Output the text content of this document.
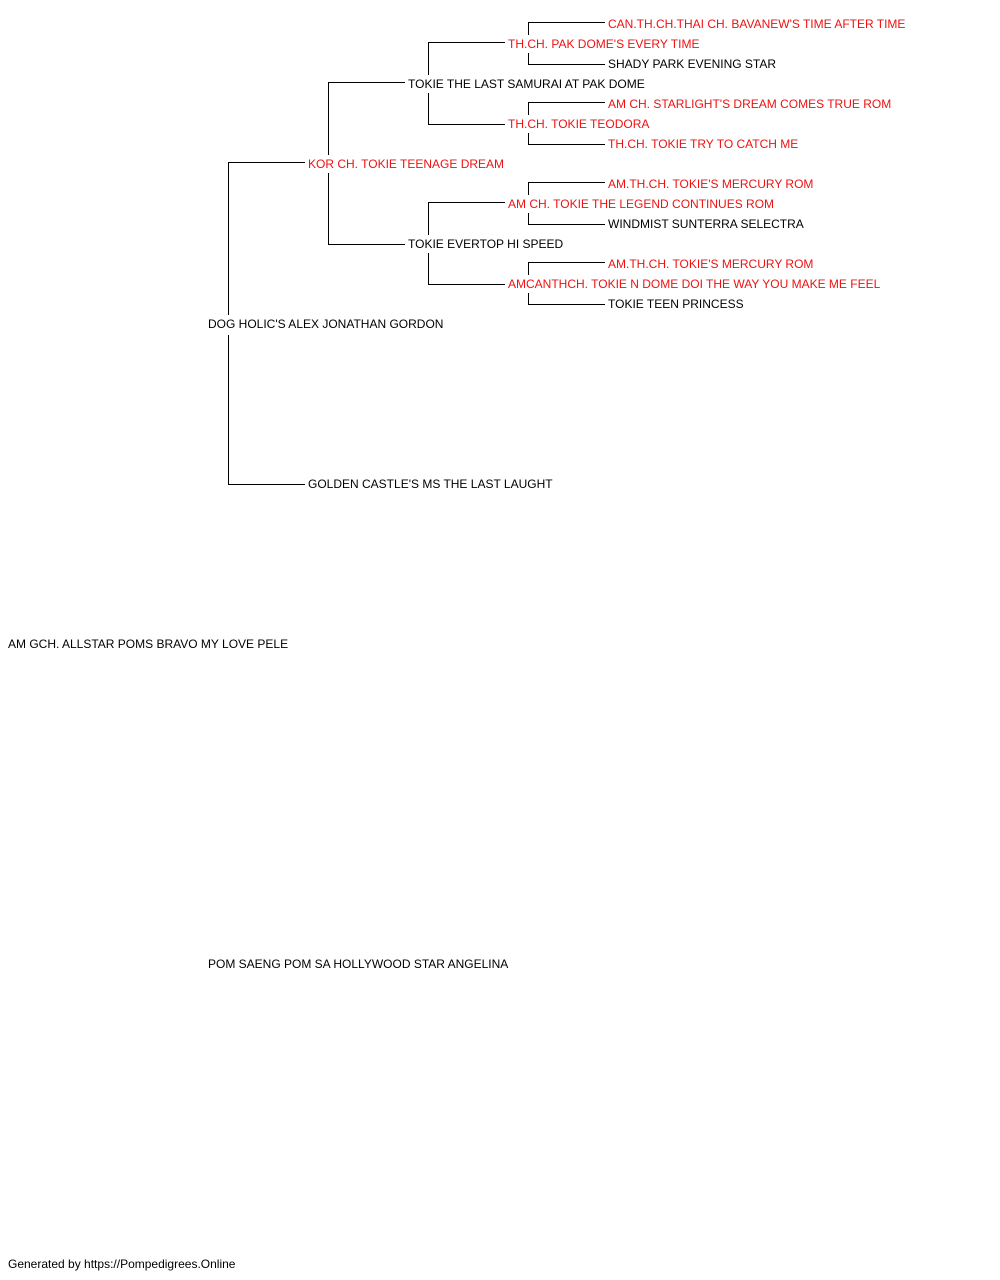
AM GCH. ALLSTAR POMS BRAVO MY LOVE PELE
DOG HOLIC'S ALEX JONATHAN GORDON
POM SAENG POM SA HOLLYWOOD STAR ANGELINA
KOR CH. TOKIE TEENAGE DREAM
GOLDEN CASTLE'S MS THE LAST LAUGHT
TOKIE THE LAST SAMURAI AT PAK DOME
TOKIE EVERTOP HI SPEED
TH.CH. PAK DOME'S EVERY TIME
TH.CH. TOKIE TEODORA
AM CH. TOKIE THE LEGEND CONTINUES ROM
AMCANTHCH. TOKIE N DOME DOI THE WAY YOU MAKE ME FEEL
CAN.TH.CH.THAI CH. BAVANEW'S TIME AFTER TIME
SHADY PARK EVENING STAR
AM CH. STARLIGHT'S DREAM COMES TRUE ROM
TH.CH. TOKIE TRY TO CATCH ME
AM.TH.CH. TOKIE'S MERCURY ROM
WINDMIST SUNTERRA SELECTRA
AM.TH.CH. TOKIE'S MERCURY ROM
TOKIE TEEN PRINCESS
Generated by https://Pompedigrees.Online
